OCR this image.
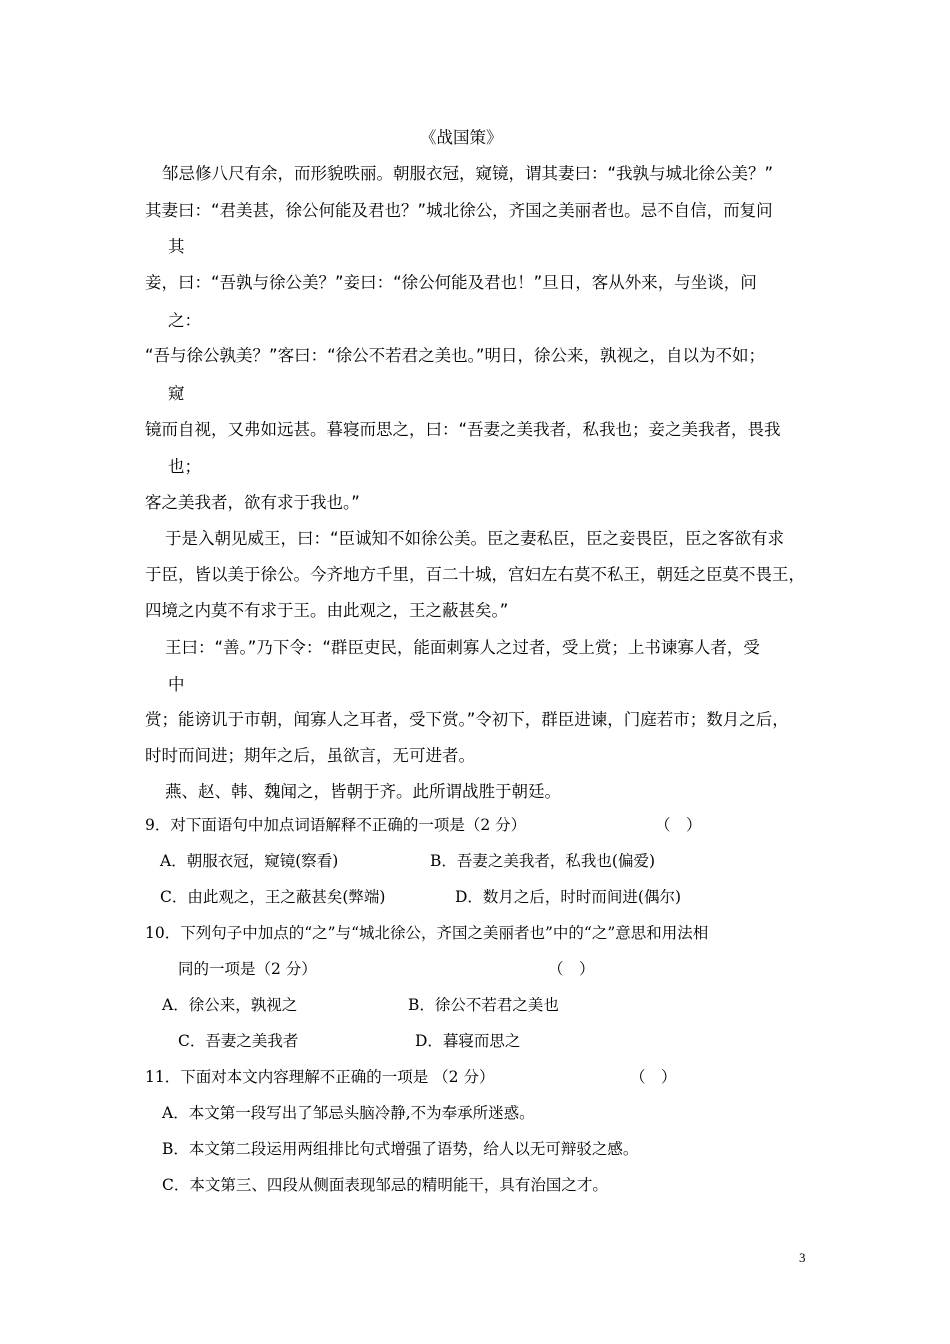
《战国策》
邹忌修八尺有余，而形貌昳丽。朝服衣冠，窥镜，谓其妻曰：“我孰与城北徐公美？”
其妻曰：“君美甚，徐公何能及君也？”城北徐公，齐国之美丽者也。忌不自信，而复问
其
妾，曰：“吾孰与徐公美？”妾曰：“徐公何能及君也！”旦日，客从外来，与坐谈，问
之：
“吾与徐公孰美？”客曰：“徐公不若君之美也。”明日，徐公来，孰视之，自以为不如；
窥
镜而自视，又弗如远甚。暮寝而思之，曰：“吾妻之美我者，私我也；妾之美我者，畏我
也；
客之美我者，欲有求于我也。”
于是入朝见威王，曰：“臣诚知不如徐公美。臣之妻私臣，臣之妾畏臣，臣之客欲有求
于臣，皆以美于徐公。今齐地方千里，百二十城，宫妇左右莫不私王，朝廷之臣莫不畏王，
四境之内莫不有求于王。由此观之，王之蔽甚矣。”
王曰：“善。”乃下令：“群臣吏民，能面刺寡人之过者，受上赏；上书谏寡人者，受
中
赏；能谤讥于市朝，闻寡人之耳者，受下赏。”令初下，群臣进谏，门庭若市；数月之后，
时时而间进；期年之后，虽欲言，无可进者。
燕、赵、韩、魏闻之，皆朝于齐。此所谓战胜于朝廷。
9．对下面语句中加点词语解释不正确的一项是（2 分）	（　）
A．朝服衣冠，窥镜(察看)	B．吾妻之美我者，私我也(偏爱)
C．由此观之，王之蔽甚矣(弊端)	D．数月之后，时时而间进(偶尔)
10．下列句子中加点的“之”与“城北徐公，齐国之美丽者也”中的“之”意思和用法相
同的一项是（2 分）	（　）
A．徐公来，孰视之	B．徐公不若君之美也
C．吾妻之美我者	D．暮寝而思之
11．下面对本文内容理解不正确的一项是 （2 分）	（　）
A．本文第一段写出了邹忌头脑冷静,不为奉承所迷惑。
B．本文第二段运用两组排比句式增强了语势，给人以无可辩驳之感。
C．本文第三、四段从侧面表现邹忌的精明能干，具有治国之才。
3
